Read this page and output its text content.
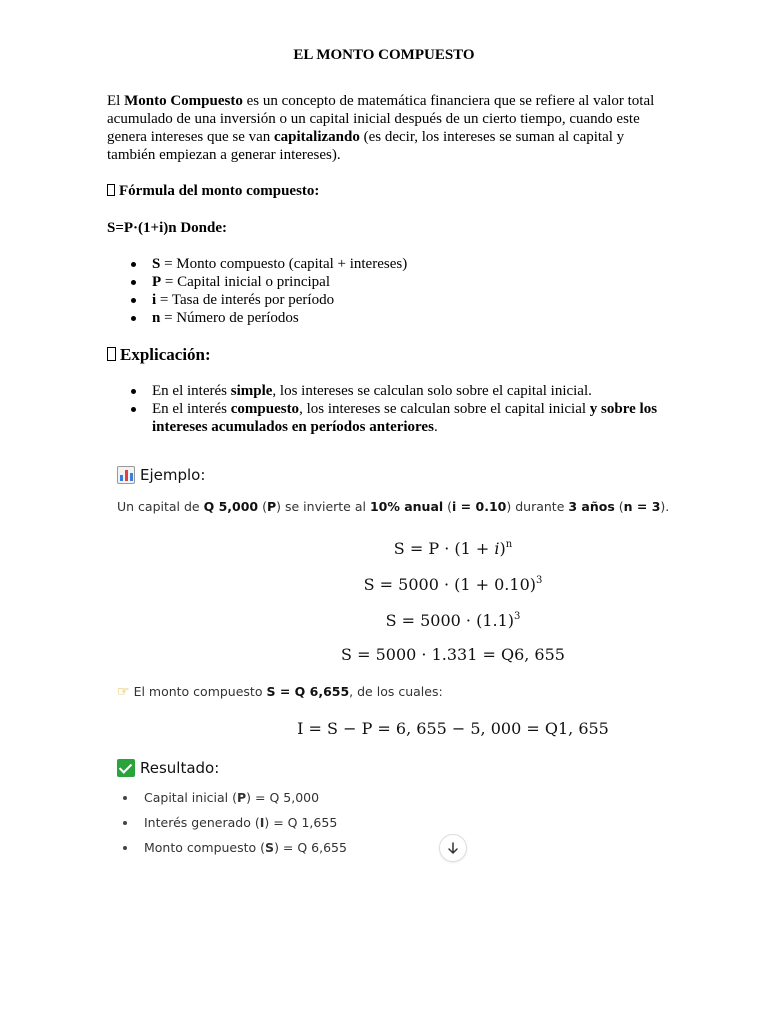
EL MONTO COMPUESTO
El Monto Compuesto es un concepto de matemática financiera que se refiere al valor total acumulado de una inversión o un capital inicial después de un cierto tiempo, cuando este genera intereses que se van capitalizando (es decir, los intereses se suman al capital y también empiezan a generar intereses).
Fórmula del monto compuesto:
S=P·(1+i)n Donde:
S = Monto compuesto (capital + intereses)
P = Capital inicial o principal
i = Tasa de interés por período
n = Número de períodos
Explicación:
En el interés simple, los intereses se calculan solo sobre el capital inicial.
En el interés compuesto, los intereses se calculan sobre el capital inicial y sobre los intereses acumulados en períodos anteriores.
Ejemplo:
Un capital de Q 5,000 (P) se invierte al 10% anual (i = 0.10) durante 3 años (n = 3).
$S = P \cdot (1 + i)^n$
$S = 5000 \cdot (1 + 0.10)^3$
$S = 5000 \cdot (1.1)^3$
S = 5000 · 1.331 = Q6, 655
☞ El monto compuesto S = Q 6,655, de los cuales:
I = S − P = 6, 655 − 5, 000 = Q1, 655
Resultado:
Capital inicial (P) = Q 5,000
Interés generado (I) = Q 1,655
Monto compuesto (S) = Q 6,655
